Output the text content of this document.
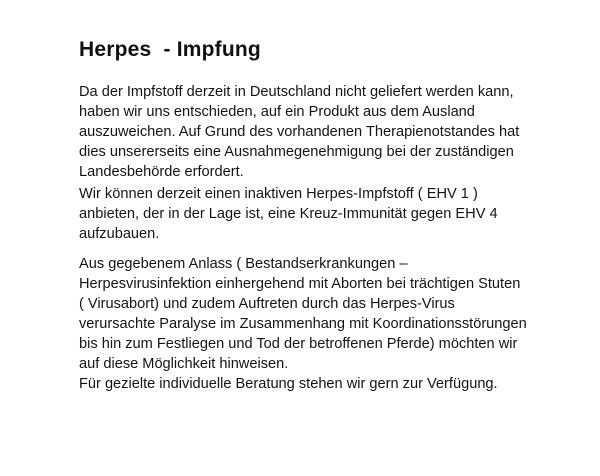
Herpes  - Impfung

Da der Impfstoff derzeit in Deutschland nicht geliefert werden kann,
haben wir uns entschieden, auf ein Produkt aus dem Ausland
auszuweichen. Auf Grund des vorhandenen Therapienotstandes hat
dies unsererseits eine Ausnahmegenehmigung bei der zuständigen
Landesbehörde erfordert.

Wir können derzeit einen inaktiven Herpes-Impfstoff ( EHV 1 )
anbieten, der in der Lage ist, eine Kreuz-Immunität gegen EHV 4
aufzubauen.

Aus gegebenem Anlass ( Bestandserkrankungen –
Herpesvirusinfektion einhergehend mit Aborten bei trächtigen Stuten
( Virusabort) und zudem Auftreten durch das Herpes-Virus
verursachte Paralyse im Zusammenhang mit Koordinationsstörungen
bis hin zum Festliegen und Tod der betroffenen Pferde) möchten wir
auf diese Möglichkeit hinweisen.

Für gezielte individuelle Beratung stehen wir gern zur Verfügung.
